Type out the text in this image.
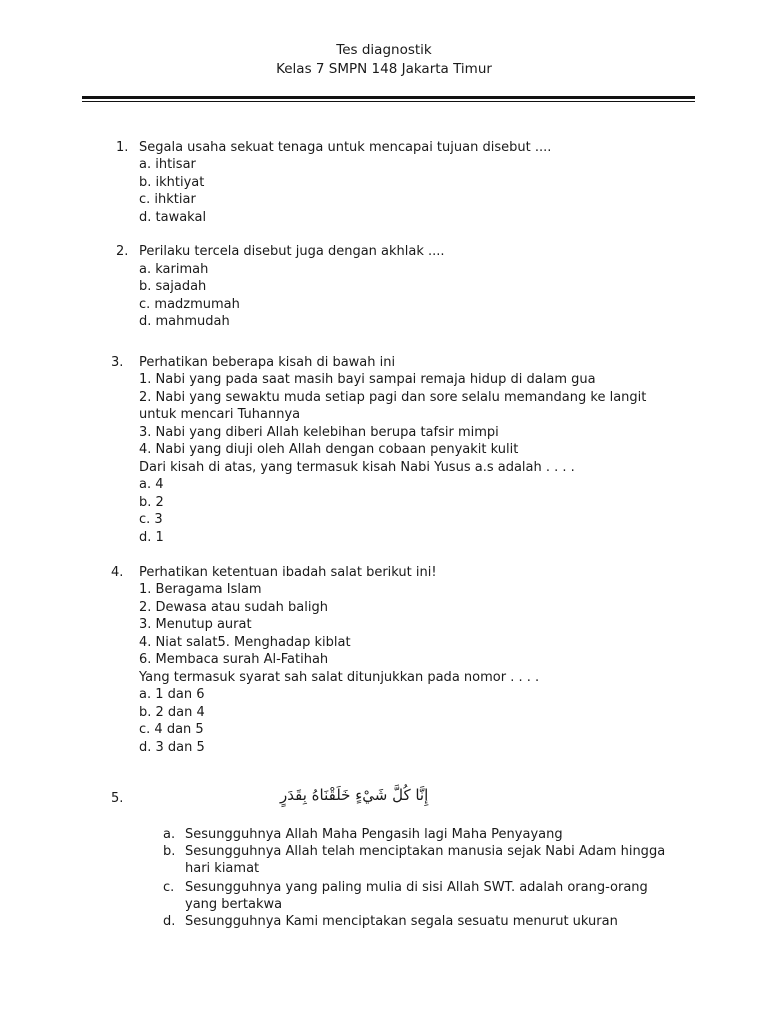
Tes diagnostik
Kelas 7 SMPN 148 Jakarta Timur
1. Segala usaha sekuat tenaga untuk mencapai tujuan disebut ....
a. ihtisar
b. ikhtiyat
c. ihktiar
d. tawakal
2. Perilaku tercela disebut juga dengan akhlak ....
a. karimah
b. sajadah
c. madzmumah
d. mahmudah
3. Perhatikan beberapa kisah di bawah ini
1. Nabi yang pada saat masih bayi sampai remaja hidup di dalam gua
2. Nabi yang sewaktu muda setiap pagi dan sore selalu memandang ke langit
untuk mencari Tuhannya
3. Nabi yang diberi Allah kelebihan berupa tafsir mimpi
4. Nabi yang diuji oleh Allah dengan cobaan penyakit kulit
Dari kisah di atas, yang termasuk kisah Nabi Yusus a.s adalah . . . .
a. 4
b. 2
c. 3
d. 1
4. Perhatikan ketentuan ibadah salat berikut ini!
1. Beragama Islam
2. Dewasa atau sudah baligh
3. Menutup aurat
4. Niat salat5. Menghadap kiblat
6. Membaca surah Al-Fatihah
Yang termasuk syarat sah salat ditunjukkan pada nomor . . . .
a. 1 dan 6
b. 2 dan 4
c. 4 dan 5
d. 3 dan 5
5.	إِنَّا كُلَّ شَيْءٍ خَلَقْنَاهُ بِقَدَرٍ
a. Sesungguhnya Allah Maha Pengasih lagi Maha Penyayang
b. Sesungguhnya Allah telah menciptakan manusia sejak Nabi Adam hingga
hari kiamat
c. Sesungguhnya yang paling mulia di sisi Allah SWT. adalah orang-orang
yang bertakwa
d. Sesungguhnya Kami menciptakan segala sesuatu menurut ukuran
